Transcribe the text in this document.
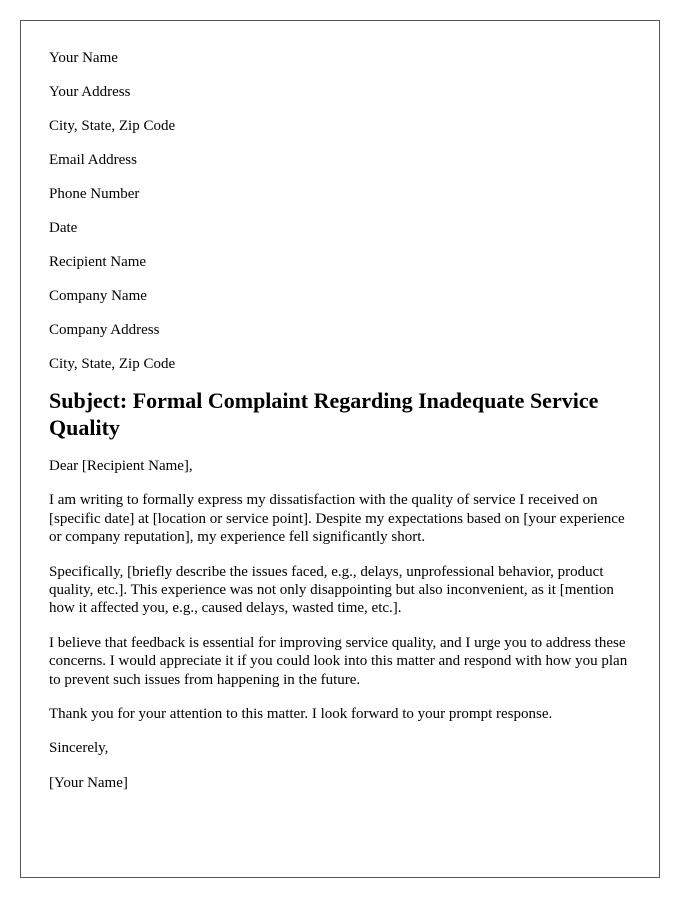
Your Name
Your Address
City, State, Zip Code
Email Address
Phone Number
Date
Recipient Name
Company Name
Company Address
City, State, Zip Code
Subject: Formal Complaint Regarding Inadequate Service Quality

Dear [Recipient Name],

I am writing to formally express my dissatisfaction with the quality of service I received on [specific date] at [location or service point]. Despite my expectations based on [your experience or company reputation], my experience fell significantly short.

Specifically, [briefly describe the issues faced, e.g., delays, unprofessional behavior, product quality, etc.]. This experience was not only disappointing but also inconvenient, as it [mention how it affected you, e.g., caused delays, wasted time, etc.].

I believe that feedback is essential for improving service quality, and I urge you to address these concerns. I would appreciate it if you could look into this matter and respond with how you plan to prevent such issues from happening in the future.

Thank you for your attention to this matter. I look forward to your prompt response.

Sincerely,

[Your Name]
